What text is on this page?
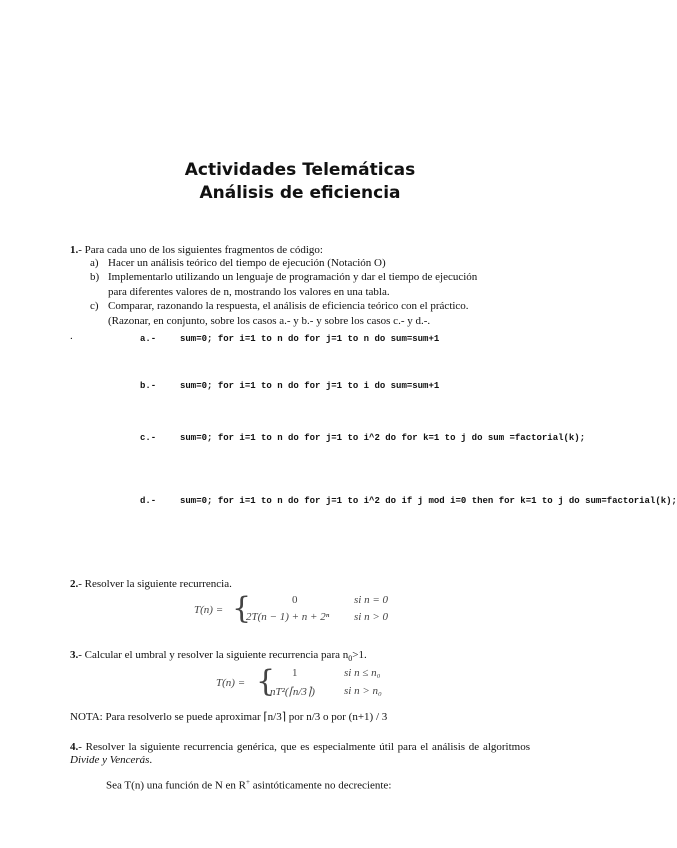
Actividades Telemáticas
Análisis de eficiencia
1.- Para cada uno de los siguientes fragmentos de código:
a) Hacer un análisis teórico del tiempo de ejecución (Notación O)
b) Implementarlo utilizando un lenguaje de programación y dar el tiempo de ejecución
para diferentes valores de n, mostrando los valores en una tabla.
c) Comparar, razonando la respuesta, el análisis de eficiencia teórico con el práctico.
(Razonar, en conjunto, sobre los casos a.- y b.- y sobre los casos c.- y d.-.
.	a.-	sum=0; for i=1 to n do for j=1 to n do sum=sum+1
b.-	sum=0; for i=1 to n do for j=1 to i do sum=sum+1
c.-	sum=0; for i=1 to n do for j=1 to i^2 do for k=1 to j do sum =factorial(k);
d.-	sum=0; for i=1 to n do for j=1 to i^2 do if j mod i=0 then for k=1 to j do sum=factorial(k);
2.- Resolver la siguiente recurrencia.
T(n) = {	0	si n = 0
2T(n − 1) + n + 2ⁿ si n > 0
3.- Calcular el umbral y resolver la siguiente recurrencia para $n_0>1$.
T(n) = { 1	si n ≤ n₀
nT²(⌈n/3⌉)	si n > n₀
NOTA: Para resolverlo se puede aproximar ⌈n/3⌉ por n/3 o por (n+1) / 3
4.- Resolver la siguiente recurrencia genérica, que es especialmente útil para el análisis de algoritmos Divide y Vencerás.
Sea T(n) una función de N en R+ asintóticamente no decreciente:
